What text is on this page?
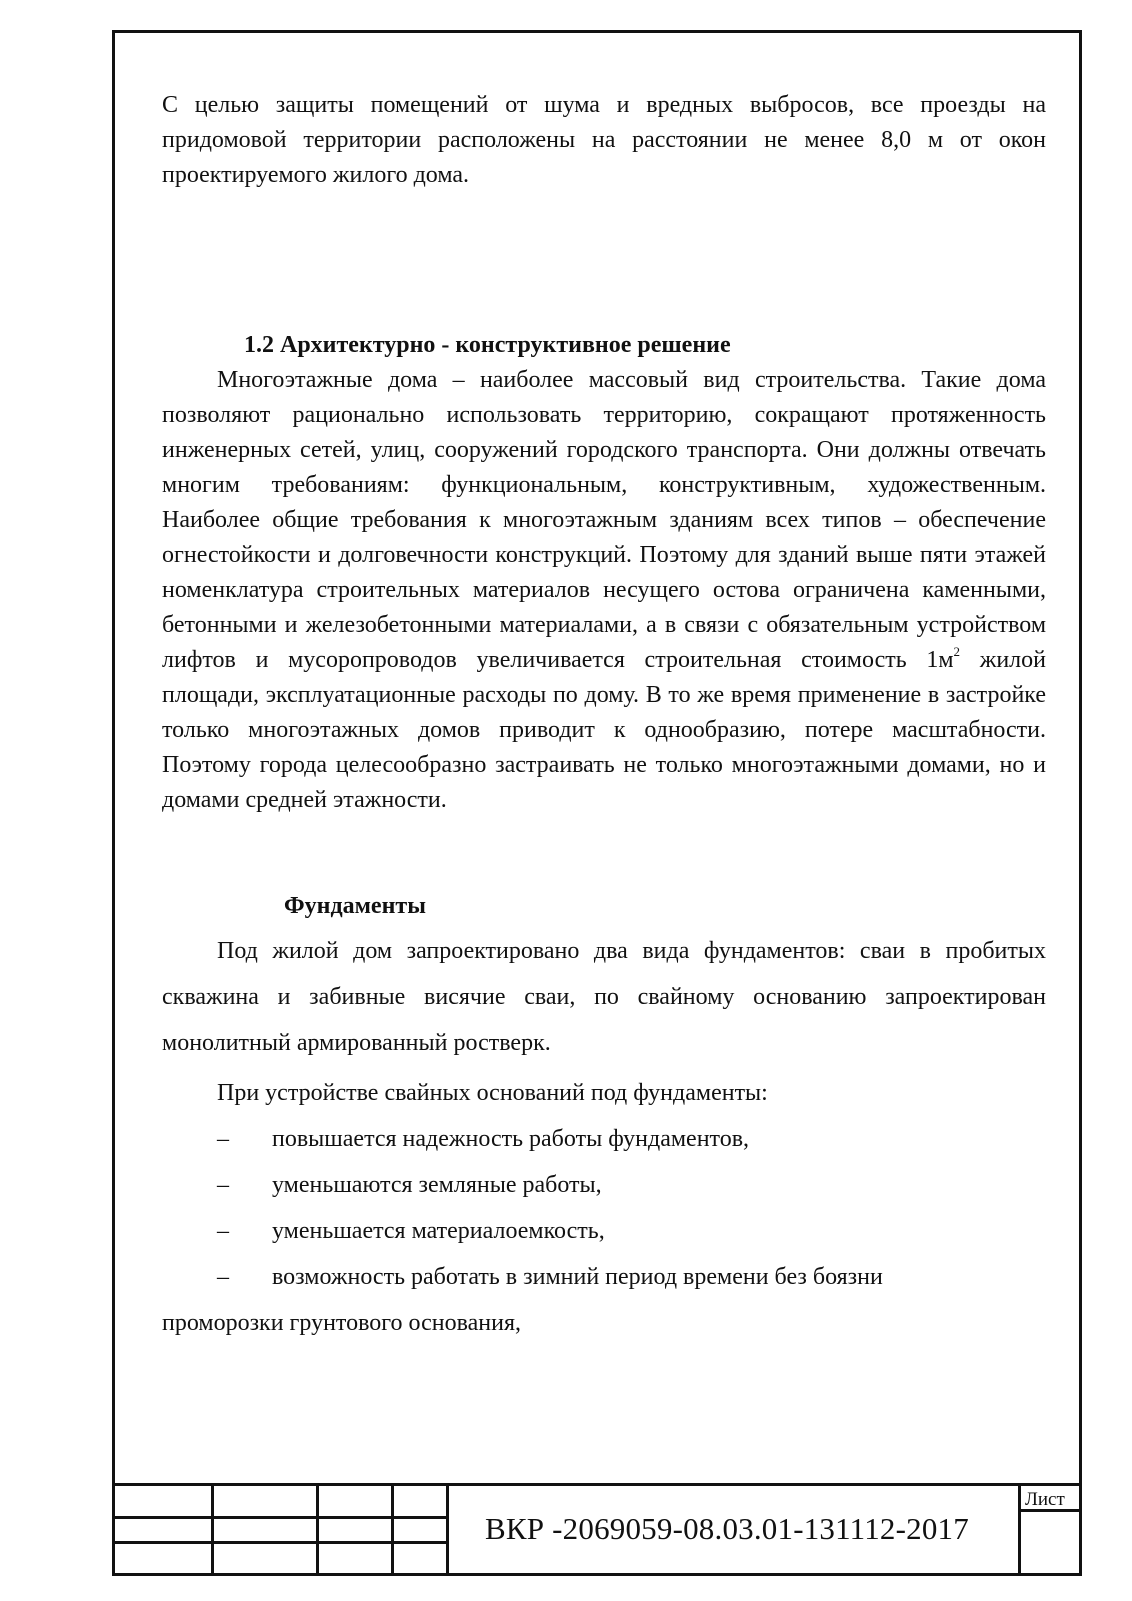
С целью защиты помещений от шума и вредных выбросов, все проезды на придомовой территории расположены на расстоянии не менее 8,0 м от окон проектируемого жилого дома.

1.2 Архитектурно - конструктивное решение

Многоэтажные дома – наиболее массовый вид строительства. Такие дома позволяют рационально использовать территорию, сокращают протяженность инженерных сетей, улиц, сооружений городского транспорта. Они должны отвечать многим требованиям: функциональным, конструктивным, художественным. Наиболее общие требования к многоэтажным зданиям всех типов – обеспечение огнестойкости и долговечности конструкций. Поэтому для зданий выше пяти этажей номенклатура строительных материалов несущего остова ограничена каменными, бетонными и железобетонными материалами, а в связи с обязательным устройством лифтов и мусоропроводов увеличивается строительная стоимость $1м^2$ жилой площади, эксплуатационные расходы по дому. В то же время применение в застройке только многоэтажных домов приводит к однообразию, потере масштабности. Поэтому города целесообразно застраивать не только многоэтажными домами, но и домами средней этажности.

Фундаменты

Под жилой дом запроектировано два вида фундаментов: сваи в пробитых скважина и забивные висячие сваи, по свайному основанию запроектирован монолитный армированный ростверк.

При устройстве свайных оснований под фундаменты:

–	повышается надежность работы фундаментов,
–	уменьшаются земляные работы,
–	уменьшается материалоемкость,
–	возможность работать в зимний период времени без боязни
проморозки грунтового основания,
ВКР -2069059-08.03.01-131112-2017
Лист
